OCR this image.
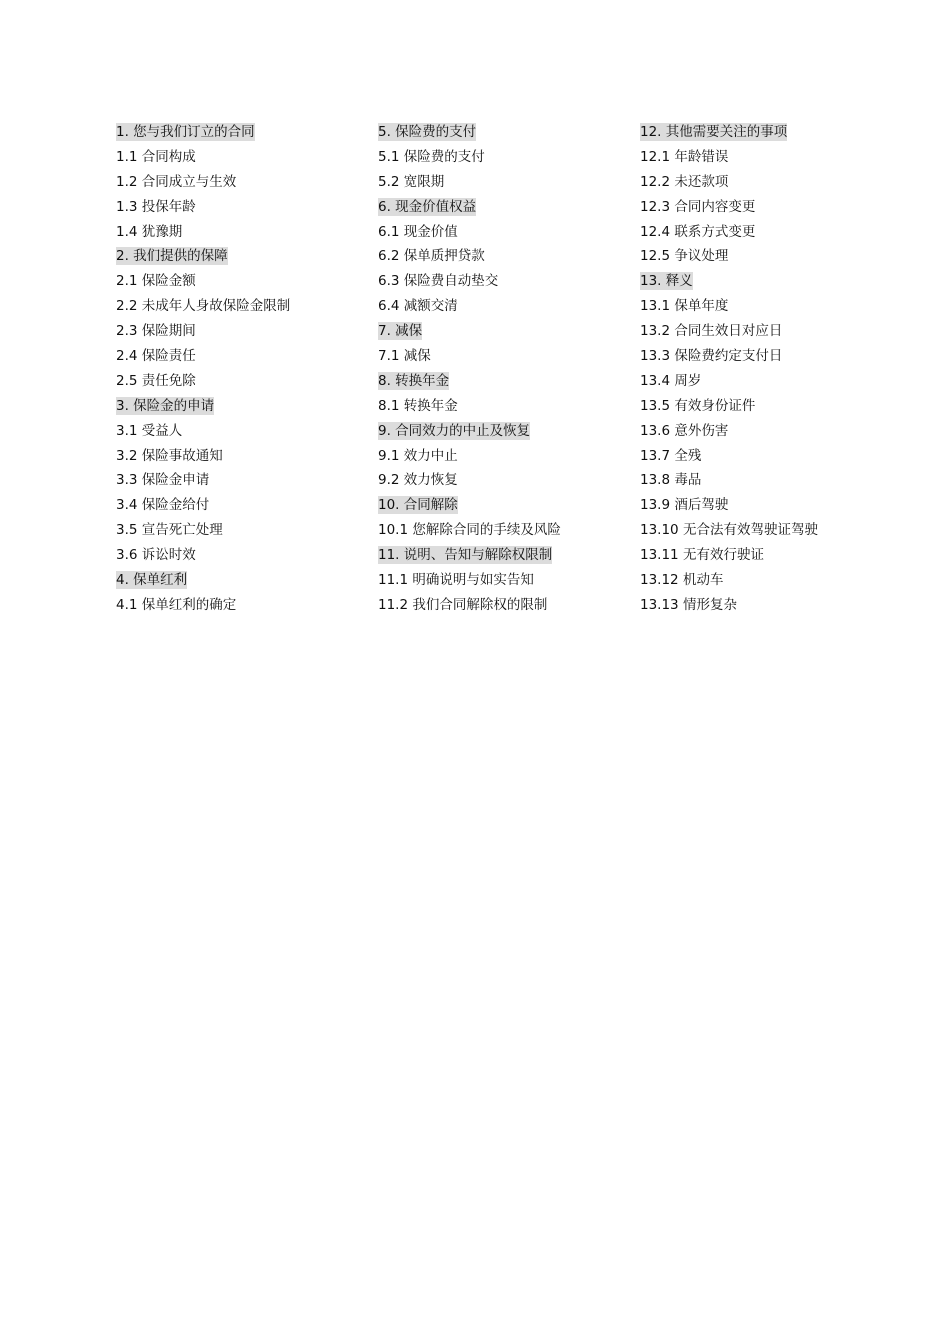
1. 您与我们订立的合同
1.1 合同构成
1.2 合同成立与生效
1.3 投保年龄
1.4 犹豫期
2. 我们提供的保障
2.1 保险金额
2.2 未成年人身故保险金限制
2.3 保险期间
2.4 保险责任
2.5 责任免除
3. 保险金的申请
3.1 受益人
3.2 保险事故通知
3.3 保险金申请
3.4 保险金给付
3.5 宣告死亡处理
3.6 诉讼时效
4. 保单红利
4.1 保单红利的确定
5. 保险费的支付
5.1 保险费的支付
5.2 宽限期
6. 现金价值权益
6.1 现金价值
6.2 保单质押贷款
6.3 保险费自动垫交
6.4 减额交清
7. 减保
7.1 减保
8. 转换年金
8.1 转换年金
9. 合同效力的中止及恢复
9.1 效力中止
9.2 效力恢复
10. 合同解除
10.1 您解除合同的手续及风险
11. 说明、告知与解除权限制
11.1 明确说明与如实告知
11.2 我们合同解除权的限制
12. 其他需要关注的事项
12.1 年龄错误
12.2 未还款项
12.3 合同内容变更
12.4 联系方式变更
12.5 争议处理
13. 释义
13.1 保单年度
13.2 合同生效日对应日
13.3 保险费约定支付日
13.4 周岁
13.5 有效身份证件
13.6 意外伤害
13.7 全残
13.8 毒品
13.9 酒后驾驶
13.10 无合法有效驾驶证驾驶
13.11 无有效行驶证
13.12 机动车
13.13 情形复杂
